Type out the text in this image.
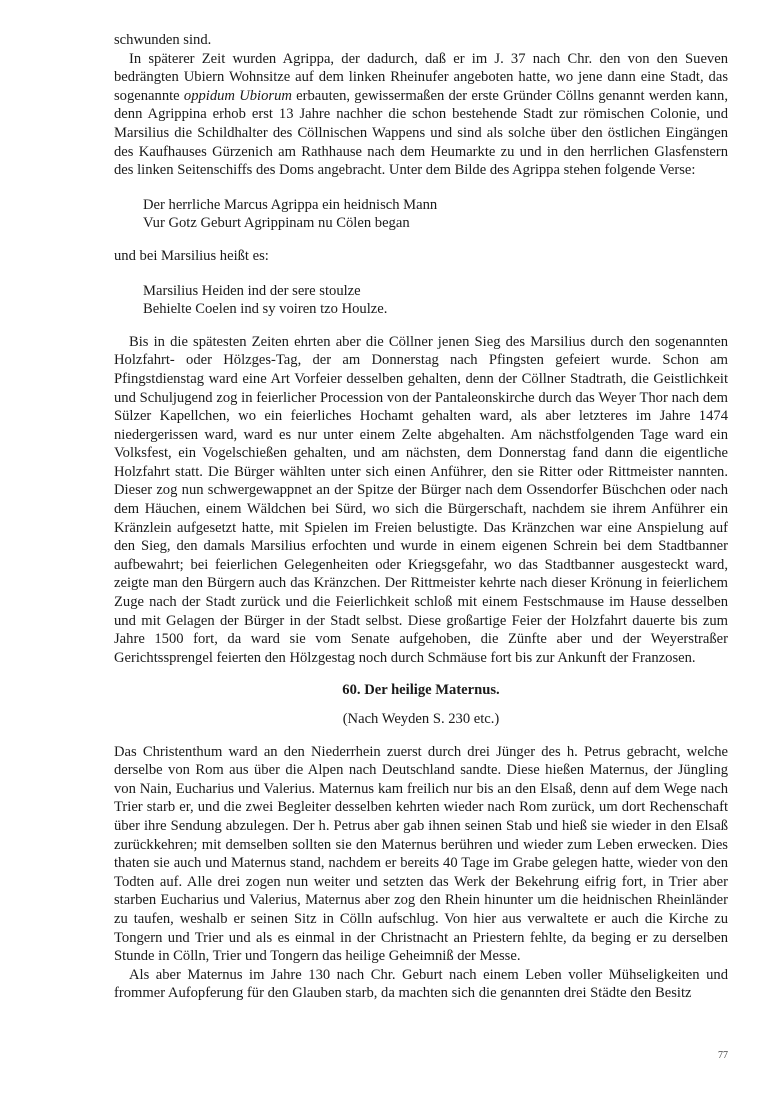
schwunden sind.

In späterer Zeit wurden Agrippa, der dadurch, daß er im J. 37 nach Chr. den von den Sueven bedrängten Ubiern Wohnsitze auf dem linken Rheinufer angeboten hatte, wo jene dann eine Stadt, das sogenannte oppidum Ubiorum erbauten, gewissermaßen der erste Gründer Cöllns genannt werden kann, denn Agrippina erhob erst 13 Jahre nachher die schon bestehende Stadt zur römischen Colonie, und Marsilius die Schildhalter des Cöllnischen Wappens und sind als solche über den östlichen Eingängen des Kaufhauses Gürzenich am Rathhause nach dem Heumarkte zu und in den herrlichen Glasfenstern des linken Seitenschiffs des Doms angebracht. Unter dem Bilde des Agrippa stehen folgende Verse:

Der herrliche Marcus Agrippa ein heidnisch Mann
Vur Gotz Geburt Agrippinam nu Cölen began

und bei Marsilius heißt es:

Marsilius Heiden ind der sere stoulze
Behielte Coelen ind sy voiren tzo Houlze.

Bis in die spätesten Zeiten ehrten aber die Cöllner jenen Sieg des Marsilius durch den sogenannten Holzfahrt- oder Hölzges-Tag, der am Donnerstag nach Pfingsten gefeiert wurde. Schon am Pfingstdienstag ward eine Art Vorfeier desselben gehalten, denn der Cöllner Stadtrath, die Geistlichkeit und Schuljugend zog in feierlicher Procession von der Pantaleonskirche durch das Weyer Thor nach dem Sülzer Kapellchen, wo ein feierliches Hochamt gehalten ward, als aber letzteres im Jahre 1474 niedergerissen ward, ward es nur unter einem Zelte abgehalten. Am nächstfolgenden Tage ward ein Volksfest, ein Vogelschießen gehalten, und am nächsten, dem Donnerstag fand dann die eigentliche Holzfahrt statt. Die Bürger wählten unter sich einen Anführer, den sie Ritter oder Rittmeister nannten. Dieser zog nun schwergewappnet an der Spitze der Bürger nach dem Ossendorfer Büschchen oder nach dem Häuchen, einem Wäldchen bei Sürd, wo sich die Bürgerschaft, nachdem sie ihrem Anführer ein Kränzlein aufgesetzt hatte, mit Spielen im Freien belustigte. Das Kränzchen war eine Anspielung auf den Sieg, den damals Marsilius erfochten und wurde in einem eigenen Schrein bei dem Stadtbanner aufbewahrt; bei feierlichen Gelegenheiten oder Kriegsgefahr, wo das Stadtbanner ausgesteckt ward, zeigte man den Bürgern auch das Kränzchen. Der Rittmeister kehrte nach dieser Krönung in feierlichem Zuge nach der Stadt zurück und die Feierlichkeit schloß mit einem Festschmause im Hause desselben und mit Gelagen der Bürger in der Stadt selbst. Diese großartige Feier der Holzfahrt dauerte bis zum Jahre 1500 fort, da ward sie vom Senate aufgehoben, die Zünfte aber und der Weyerstraßer Gerichtssprengel feierten den Hölzgestag noch durch Schmäuse fort bis zur Ankunft der Franzosen.

60. Der heilige Maternus.
(Nach Weyden S. 230 etc.)

Das Christenthum ward an den Niederrhein zuerst durch drei Jünger des h. Petrus gebracht, welche derselbe von Rom aus über die Alpen nach Deutschland sandte. Diese hießen Maternus, der Jüngling von Nain, Eucharius und Valerius. Maternus kam freilich nur bis an den Elsaß, denn auf dem Wege nach Trier starb er, und die zwei Begleiter desselben kehrten wieder nach Rom zurück, um dort Rechenschaft über ihre Sendung abzulegen. Der h. Petrus aber gab ihnen seinen Stab und hieß sie wieder in den Elsaß zurückkehren; mit demselben sollten sie den Maternus berühren und wieder zum Leben erwecken. Dies thaten sie auch und Maternus stand, nachdem er bereits 40 Tage im Grabe gelegen hatte, wieder von den Todten auf. Alle drei zogen nun weiter und setzten das Werk der Bekehrung eifrig fort, in Trier aber starben Eucharius und Valerius, Maternus aber zog den Rhein hinunter um die heidnischen Rheinländer zu taufen, weshalb er seinen Sitz in Cölln aufschlug. Von hier aus verwaltete er auch die Kirche zu Tongern und Trier und als es einmal in der Christnacht an Priestern fehlte, da beging er zu derselben Stunde in Cölln, Trier und Tongern das heilige Geheimniß der Messe.

Als aber Maternus im Jahre 130 nach Chr. Geburt nach einem Leben voller Mühseligkeiten und frommer Aufopferung für den Glauben starb, da machten sich die genannten drei Städte den Besitz

77
